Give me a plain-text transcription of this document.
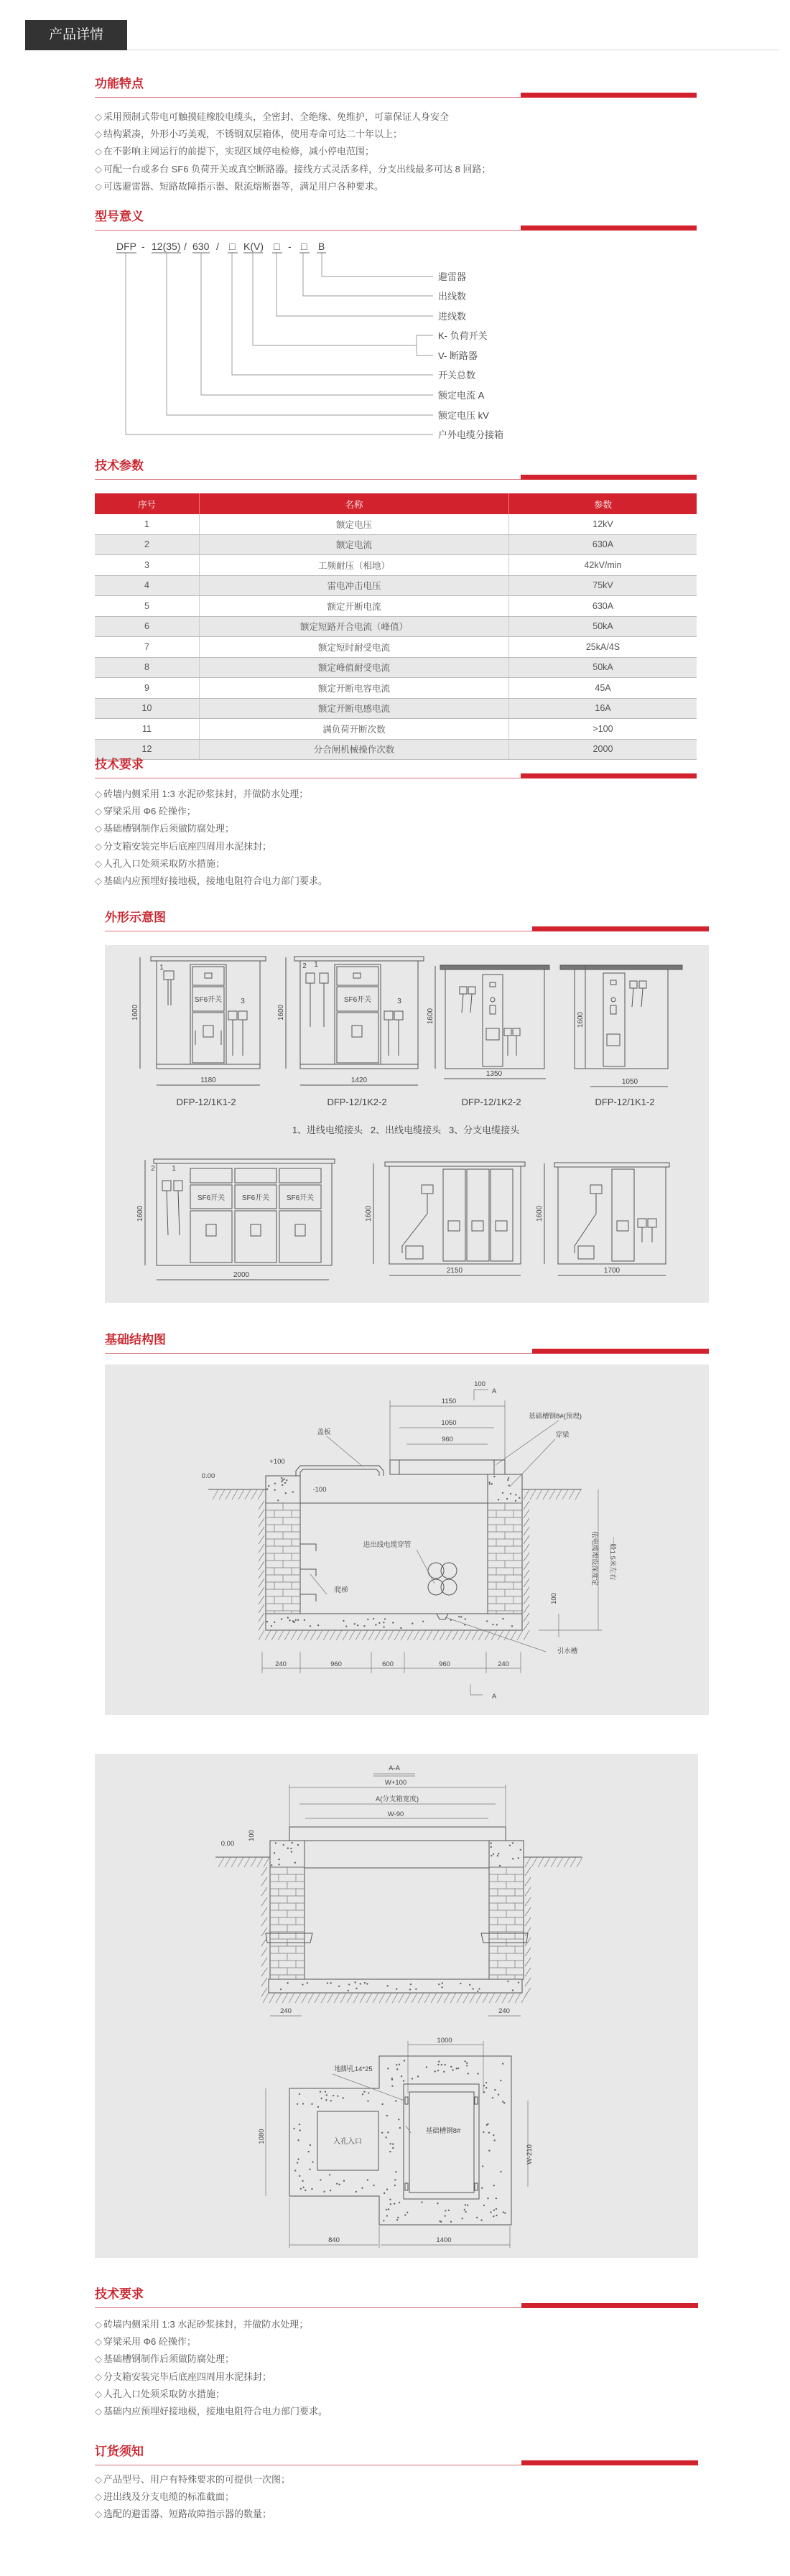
产品详情
功能特点
◇ 采用预制式带电可触摸硅橡胶电缆头，全密封、全绝缘、免维护，可靠保证人身安全
◇ 结构紧凑，外形小巧美观，不锈钢双层箱体，使用寿命可达二十年以上；
◇ 在不影响主网运行的前提下，实现区域停电检修，减小停电范围；
◇ 可配一台或多台 SF6 负荷开关或真空断路器。接线方式灵活多样，分支出线最多可达 8 回路；
◇ 可选避雷器、短路故障指示器、限流熔断器等，满足用户各种要求。
型号意义
技术参数
序号	名称	参数
1	额定电压	12kV
2	额定电流	630A
3	工频耐压（相地）	42kV/min
4	雷电冲击电压	75kV
5	额定开断电流	630A
6	额定短路开合电流（峰值）	50kA
7	额定短时耐受电流	25kA/4S
8	额定峰值耐受电流	50kA
9	额定开断电容电流	45A
10	额定开断电感电流	16A
11	满负荷开断次数	>100
12	分合闸机械操作次数	2000
技术要求
◇ 砖墙内侧采用 1:3 水泥砂浆抹封，并做防水处理；
◇ 穿梁采用 Φ6 砼操作；
◇ 基础槽钢制作后须做防腐处理；
◇ 分支箱安装完毕后底座四周用水泥抹封；
◇ 人孔入口处须采取防水措施；
◇ 基础内应预埋好接地极，接地电阻符合电力部门要求。
外形示意图
基础结构图
技术要求
◇ 砖墙内侧采用 1:3 水泥砂浆抹封，并做防水处理；
◇ 穿梁采用 Φ6 砼操作；
◇ 基础槽钢制作后须做防腐处理；
◇ 分支箱安装完毕后底座四周用水泥抹封；
◇ 人孔入口处须采取防水措施；
◇ 基础内应预埋好接地极，接地电阻符合电力部门要求。
订货须知
◇ 产品型号、用户有特殊要求的可提供一次图；
◇ 进出线及分支电缆的标准截面；
◇ 选配的避雷器、短路故障指示器的数量；
DFP - 12(35) / 630 / □ K(V) □ - □ B
避雷器
出线数
进线数
K- 负荷开关
V- 断路器
开关总数
额定电流 A
额定电压 kV
户外电缆分接箱
SF6开关	SF6开关
SF6开关 SF6开关 SF6开关
1
3
2 1
3
2 1
1180	1420
1350
1050
2000
2150	1700
1600	1600	1600	1600
1600	1600	1600
DFP-12/1K1-2	DFP-12/1K2-2	DFP-12/1K2-2	DFP-12/1K1-2
1、进线电缆接头   2、出线电缆接头   3、分支电缆接头
100
A
1150
1050
960
基础槽钢8#(预埋)
穿梁
盖板
+100
0.00
-100
进出线电缆穿管
爬梯
引水槽
100
依电缆埋设深度定 一般1.5米左右
240	960	600	960	240
A
A-A
W+100
A(分支箱宽度)
W-90
100
0.00
240	240
1000
地脚孔14*25
基础槽钢8#
入孔入口
1080
W-210
840	1400
